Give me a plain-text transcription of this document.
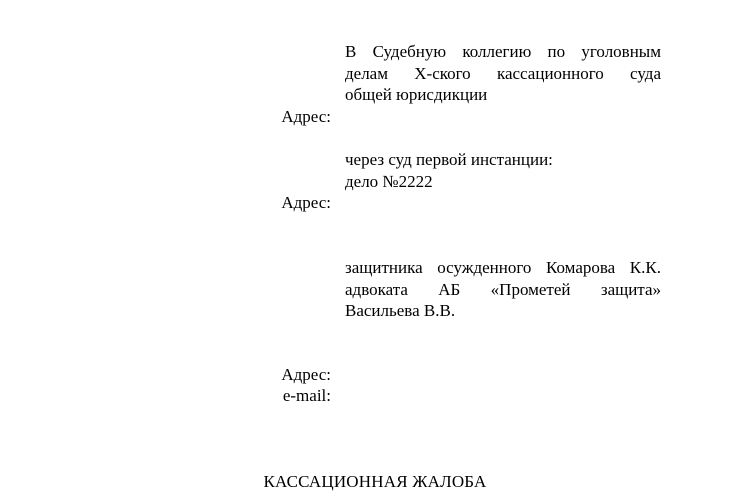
В Судебную коллегию по уголовным
делам Х-ского кассационного суда
общей юрисдикции
Адрес:
через суд первой инстанции:
дело №2222
Адрес:
защитника осужденного Комарова К.К.
адвоката АБ «Прометей защита»
Васильева В.В.
Адрес:
e-mail:
КАССАЦИОННАЯ ЖАЛОБА
